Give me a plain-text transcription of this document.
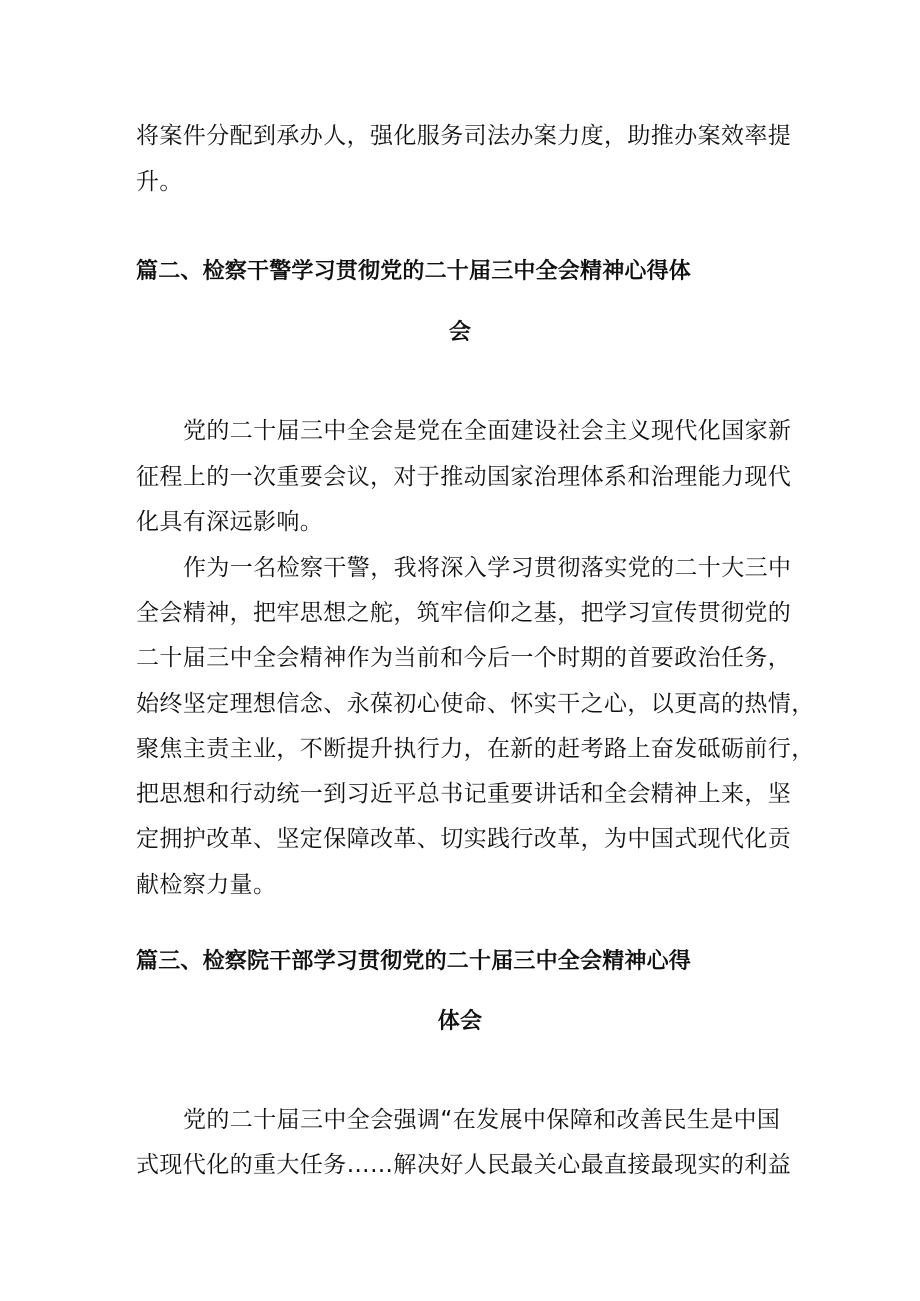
将案件分配到承办人，强化服务司法办案力度，助推办案效率提
升。
篇二、检察干警学习贯彻党的二十届三中全会精神心得体
会
党的二十届三中全会是党在全面建设社会主义现代化国家新
征程上的一次重要会议，对于推动国家治理体系和治理能力现代
化具有深远影响。
作为一名检察干警，我将深入学习贯彻落实党的二十大三中
全会精神，把牢思想之舵，筑牢信仰之基，把学习宣传贯彻党的
二十届三中全会精神作为当前和今后一个时期的首要政治任务，
始终坚定理想信念、永葆初心使命、怀实干之心，以更高的热情，
聚焦主责主业，不断提升执行力，在新的赶考路上奋发砥砺前行，
把思想和行动统一到习近平总书记重要讲话和全会精神上来，坚
定拥护改革、坚定保障改革、切实践行改革，为中国式现代化贡
献检察力量。
篇三、检察院干部学习贯彻党的二十届三中全会精神心得
体会
党的二十届三中全会强调“在发展中保障和改善民生是中国
式现代化的重大任务……解决好人民最关心最直接最现实的利益
